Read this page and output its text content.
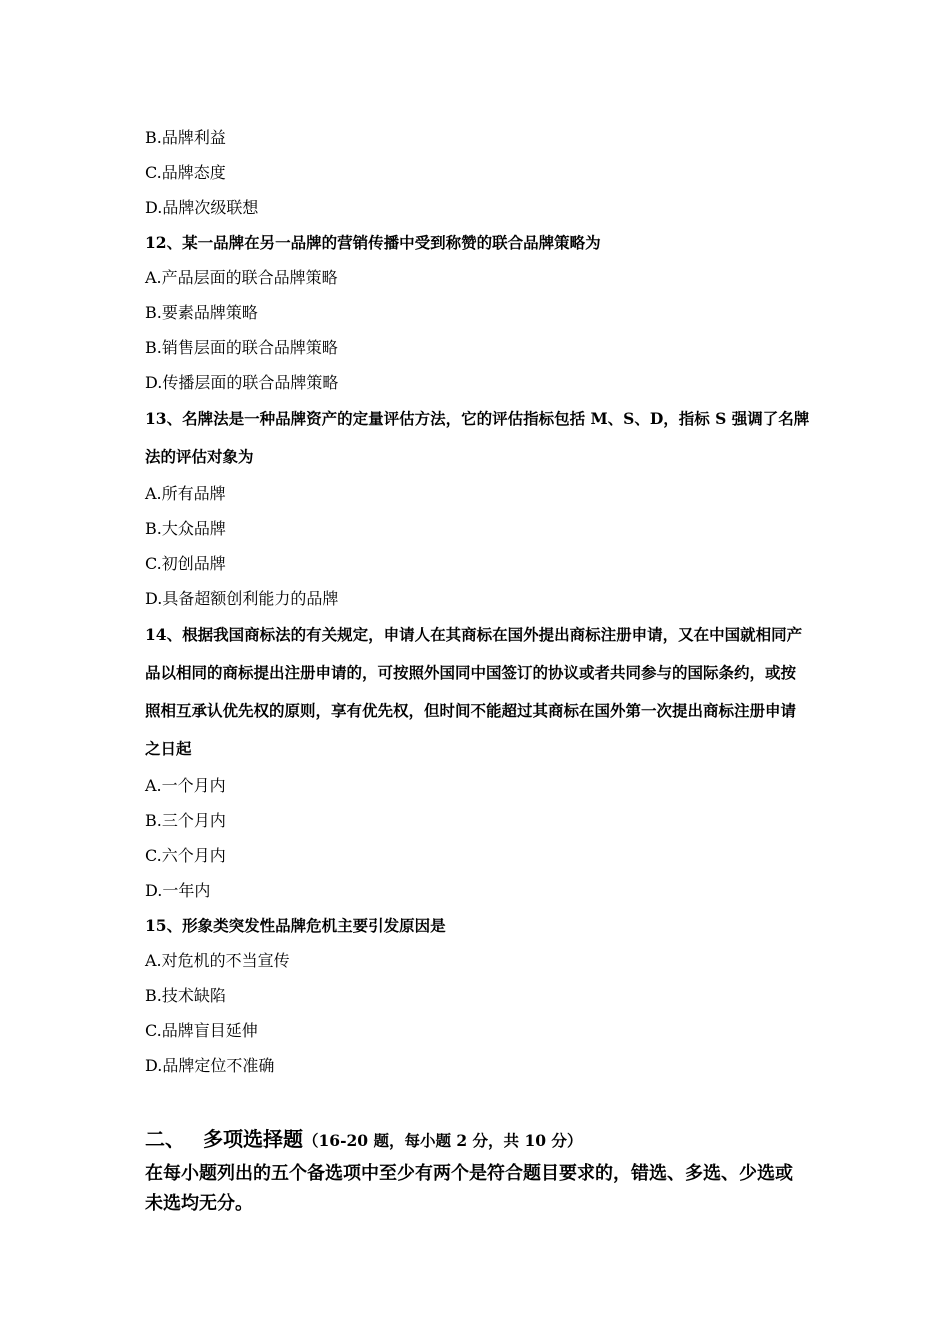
B.品牌利益

C.品牌态度

D.品牌次级联想

12、某一品牌在另一品牌的营销传播中受到称赞的联合品牌策略为

A.产品层面的联合品牌策略

B.要素品牌策略

B.销售层面的联合品牌策略

D.传播层面的联合品牌策略

13、名牌法是一种品牌资产的定量评估方法，它的评估指标包括 M、S、D，指标 S 强调了名牌法的评估对象为

A.所有品牌

B.大众品牌

C.初创品牌

D.具备超额创利能力的品牌

14、根据我国商标法的有关规定，申请人在其商标在国外提出商标注册申请，又在中国就相同产品以相同的商标提出注册申请的，可按照外国同中国签订的协议或者共同参与的国际条约，或按照相互承认优先权的原则，享有优先权，但时间不能超过其商标在国外第一次提出商标注册申请之日起

A.一个月内

B.三个月内

C.六个月内

D.一年内

15、形象类突发性品牌危机主要引发原因是

A.对危机的不当宣传

B.技术缺陷

C.品牌盲目延伸

D.品牌定位不准确

二、 多项选择题（16-20 题，每小题 2 分，共 10 分）

在每小题列出的五个备选项中至少有两个是符合题目要求的，错选、多选、少选或未选均无分。
